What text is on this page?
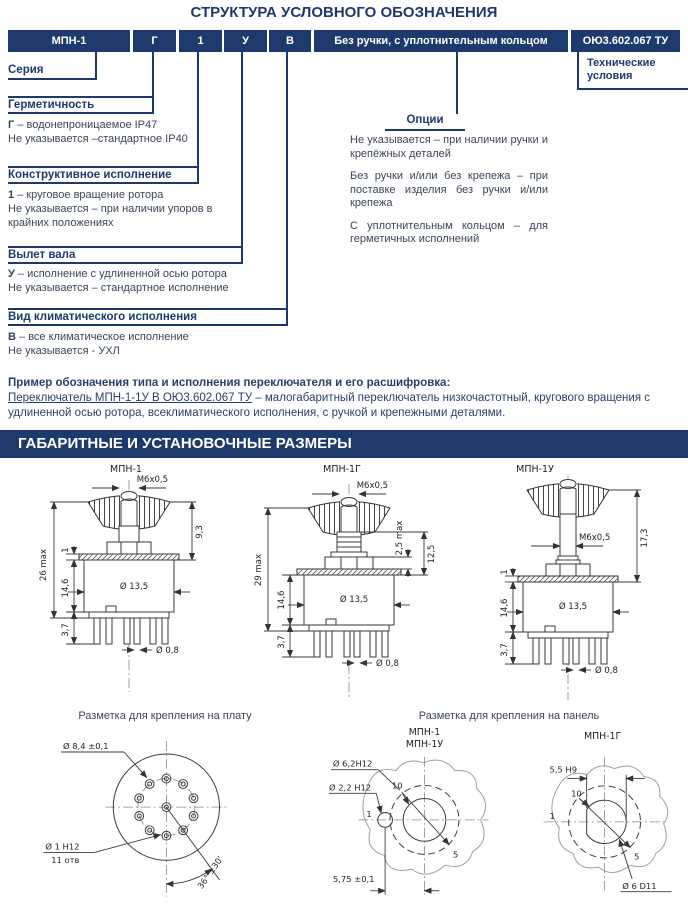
СТРУКТУРА УСЛОВНОГО ОБОЗНАЧЕНИЯ
МПН-1	Г	1	У	В	Без ручки, с уплотнительным кольцом	ОЮ3.602.067 ТУ
Серия
Герметичность
Г – водонепроницаемое IP47
Не указывается –стандартное IP40
Конструктивное исполнение
1 – круговое вращение ротора
Не указывается – при наличии упоров в крайних положениях
Вылет вала
У – исполнение с удлиненной осью ротора
Не указывается – стандартное исполнение
Вид климатического исполнения
В – все климатическое исполнение
Не указывается - УХЛ
Опции

Не указывается – при наличии ручки и крепёжных деталей

Без ручки и/или без крепежа – при поставке изделия без ручки и/или крепежа

С уплотнительным кольцом – для герметичных исполнений

Технические условия
Пример обозначения типа и исполнения переключателя и его расшифровка:
Переключатель МПН-1-1У В ОЮ3.602.067 ТУ – малогабаритный переключатель низкочастотный, кругового вращения с удлиненной осью ротора, всеклиматического исполнения, с ручкой и крепежными деталями.
ГАБАРИТНЫЕ И УСТАНОВОЧНЫЕ РАЗМЕРЫ
МПН-1
M6x0,5
26 max 1
14,6
3,7
9,3
Ø 13,5
Ø 0,8
МПН-1Г
M6x0,5
29 max
14,6
3,7
2,5 max	12,5
Ø 13,5
Ø 0,8
МПН-1У
M6x0,5	17,3
1
14,6
3,7
Ø 13,5
Ø 0,8
Разметка для крепления на плату	Разметка для крепления на панель
Ø 8,4 ±0,1
Ø 1 Н12
11 отв	36° ±30'
МПН-1
МПН-1У
Ø 6,2Н12
Ø 2,2 Н12 10
1
5
5,75 ±0,1
МПН-1Г
5,5 Н9
10
1
5
Ø 6 D11
